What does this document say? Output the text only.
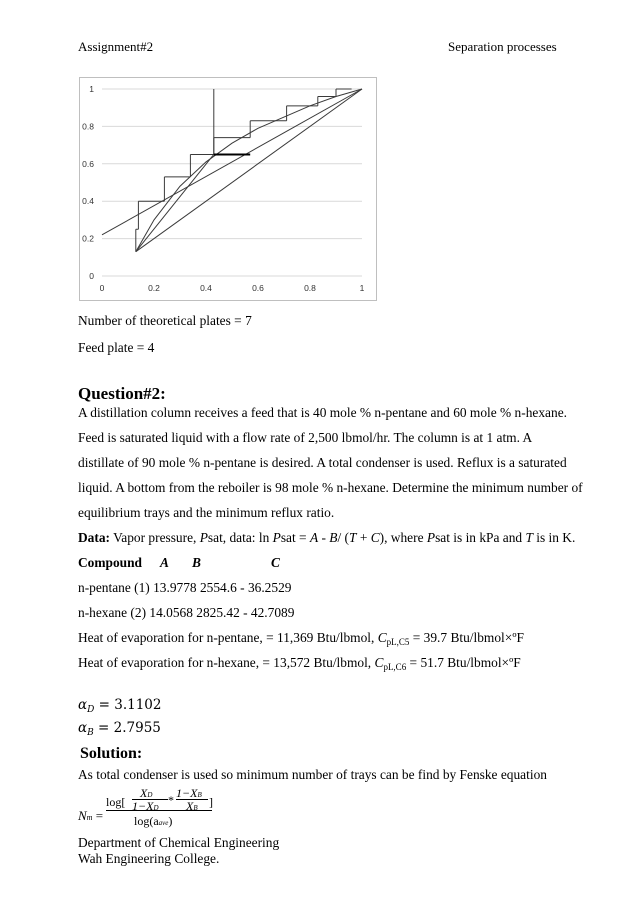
Assignment#2	Separation processes
0
0.2
0.4
0.6
0.8
1
0	0.2	0.4	0.6	0.8	1
Number of theoretical plates = 7
Feed plate = 4
Question#2:
A distillation column receives a feed that is 40 mole % n-pentane and 60 mole % n-hexane.
Feed is saturated liquid with a flow rate of 2,500 lbmol/hr. The column is at 1 atm. A
distillate of 90 mole % n-pentane is desired. A total condenser is used. Reflux is a saturated
liquid. A bottom from the reboiler is 98 mole % n-hexane. Determine the minimum number of
equilibrium trays and the minimum reflux ratio.
Data: Vapor pressure, Psat, data: ln Psat = A - B/ (T + C), where Psat is in kPa and T is in K.
Compound A B	C
n-pentane (1) 13.9778 2554.6 - 36.2529
n-hexane (2) 14.0568 2825.42 - 42.7089
Heat of evaporation for n-pentane, = 11,369 Btu/lbmol, $C_{pL,C5} = 39.7$ Btu/lbmol×ºF
Heat of evaporation for n-hexane, = 13,572 Btu/lbmol, $C_{pL,C6} = 51.7$ Btu/lbmol×ºF
$\alpha_D = 3.1102$
$\alpha_B = 2.7955$
Solution:
As total condenser is used so minimum number of trays can be find by Fenske equation
Nm =
log[
XD
1−XD
* 1−XB
XB ]
log(aave)
Department of Chemical Engineering
Wah Engineering College.
